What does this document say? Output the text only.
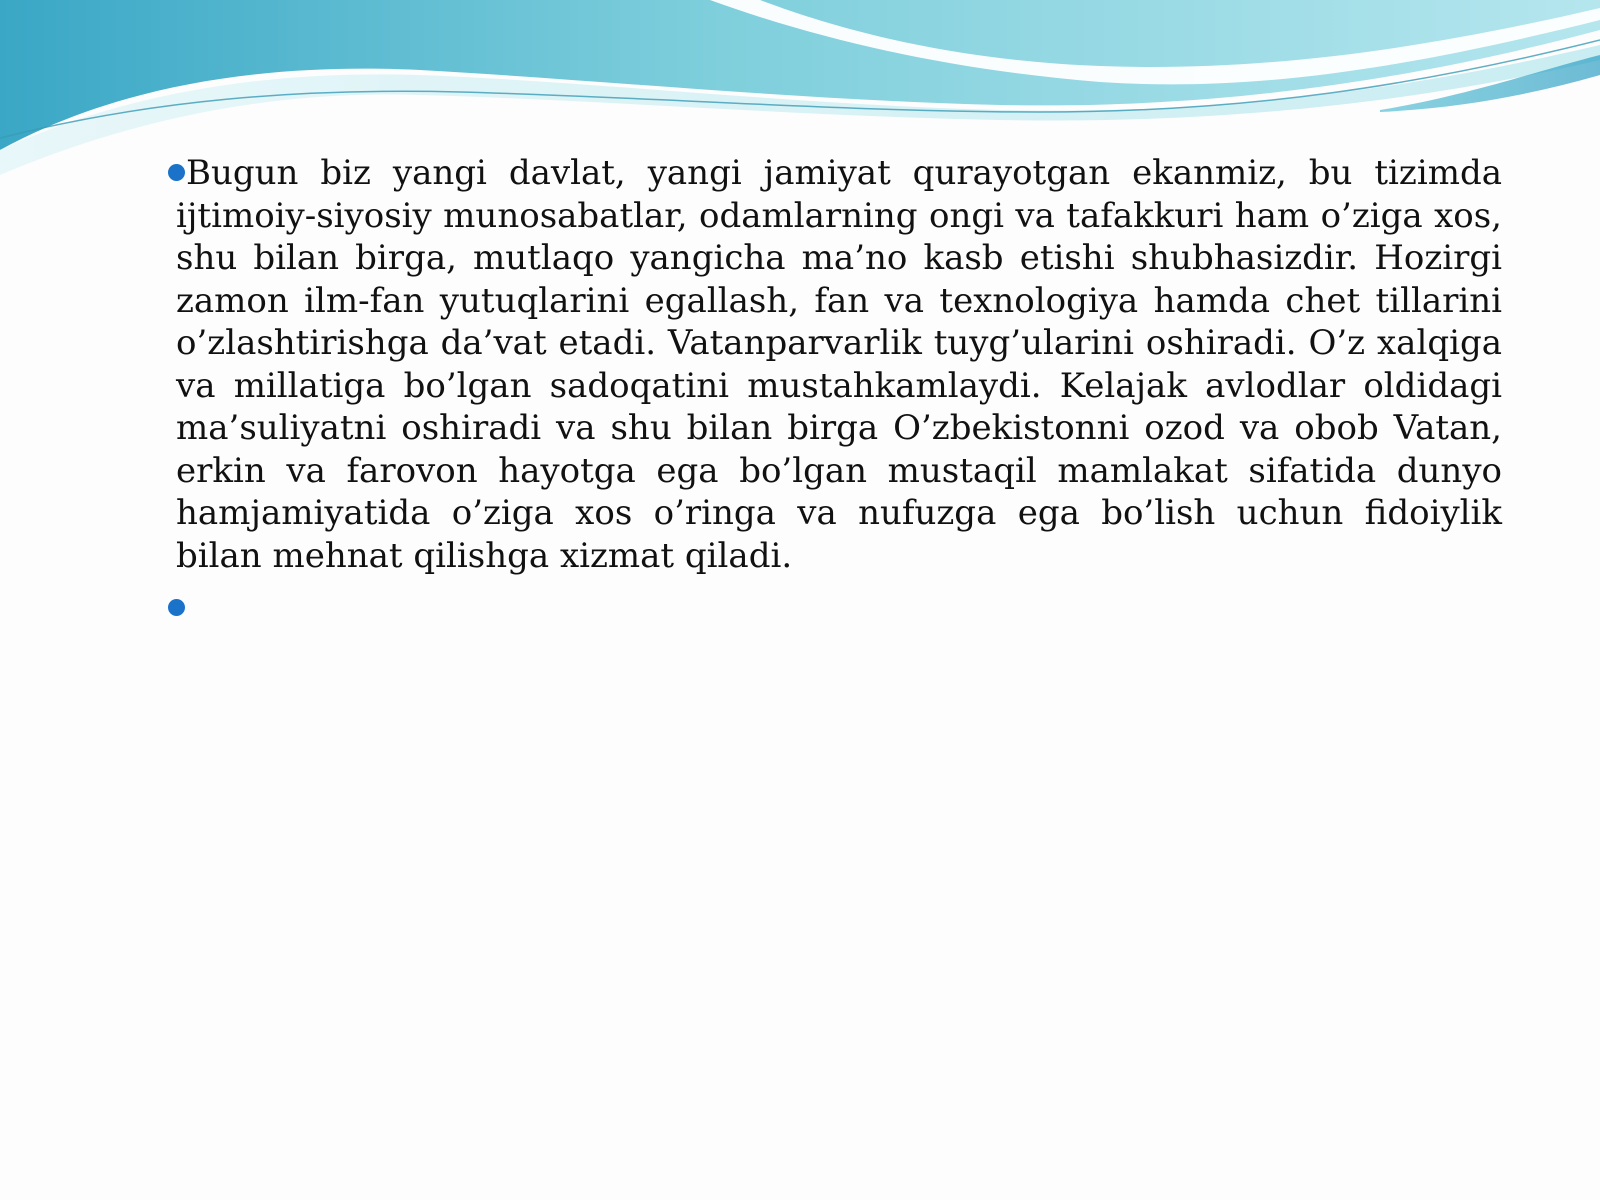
Bugun biz yangi davlat, yangi jamiyat qurayotgan ekanmiz, bu tizimda ijtimoiy-siyosiy munosabatlar, odamlarning ongi va tafakkuri ham o’ziga xos, shu bilan birga, mutlaqo yangicha ma’no kasb etishi shubhasizdir. Hozirgi zamon ilm-fan yutuqlarini egallash, fan va texnologiya hamda chet tillarini o’zlashtirishga da’vat etadi. Vatanparvarlik tuyg’ularini oshiradi. O’z xalqiga va millatiga bo’lgan sadoqatini mustahkamlaydi. Kelajak avlodlar oldidagi ma’suliyatni oshiradi va shu bilan birga O’zbekistonni ozod va obob Vatan, erkin va farovon hayotga ega bo’lgan mustaqil mamlakat sifatida dunyo hamjamiyatida o’ziga xos o’ringa va nufuzga ega bo’lish uchun fidoiylik bilan mehnat qilishga xizmat qiladi.
